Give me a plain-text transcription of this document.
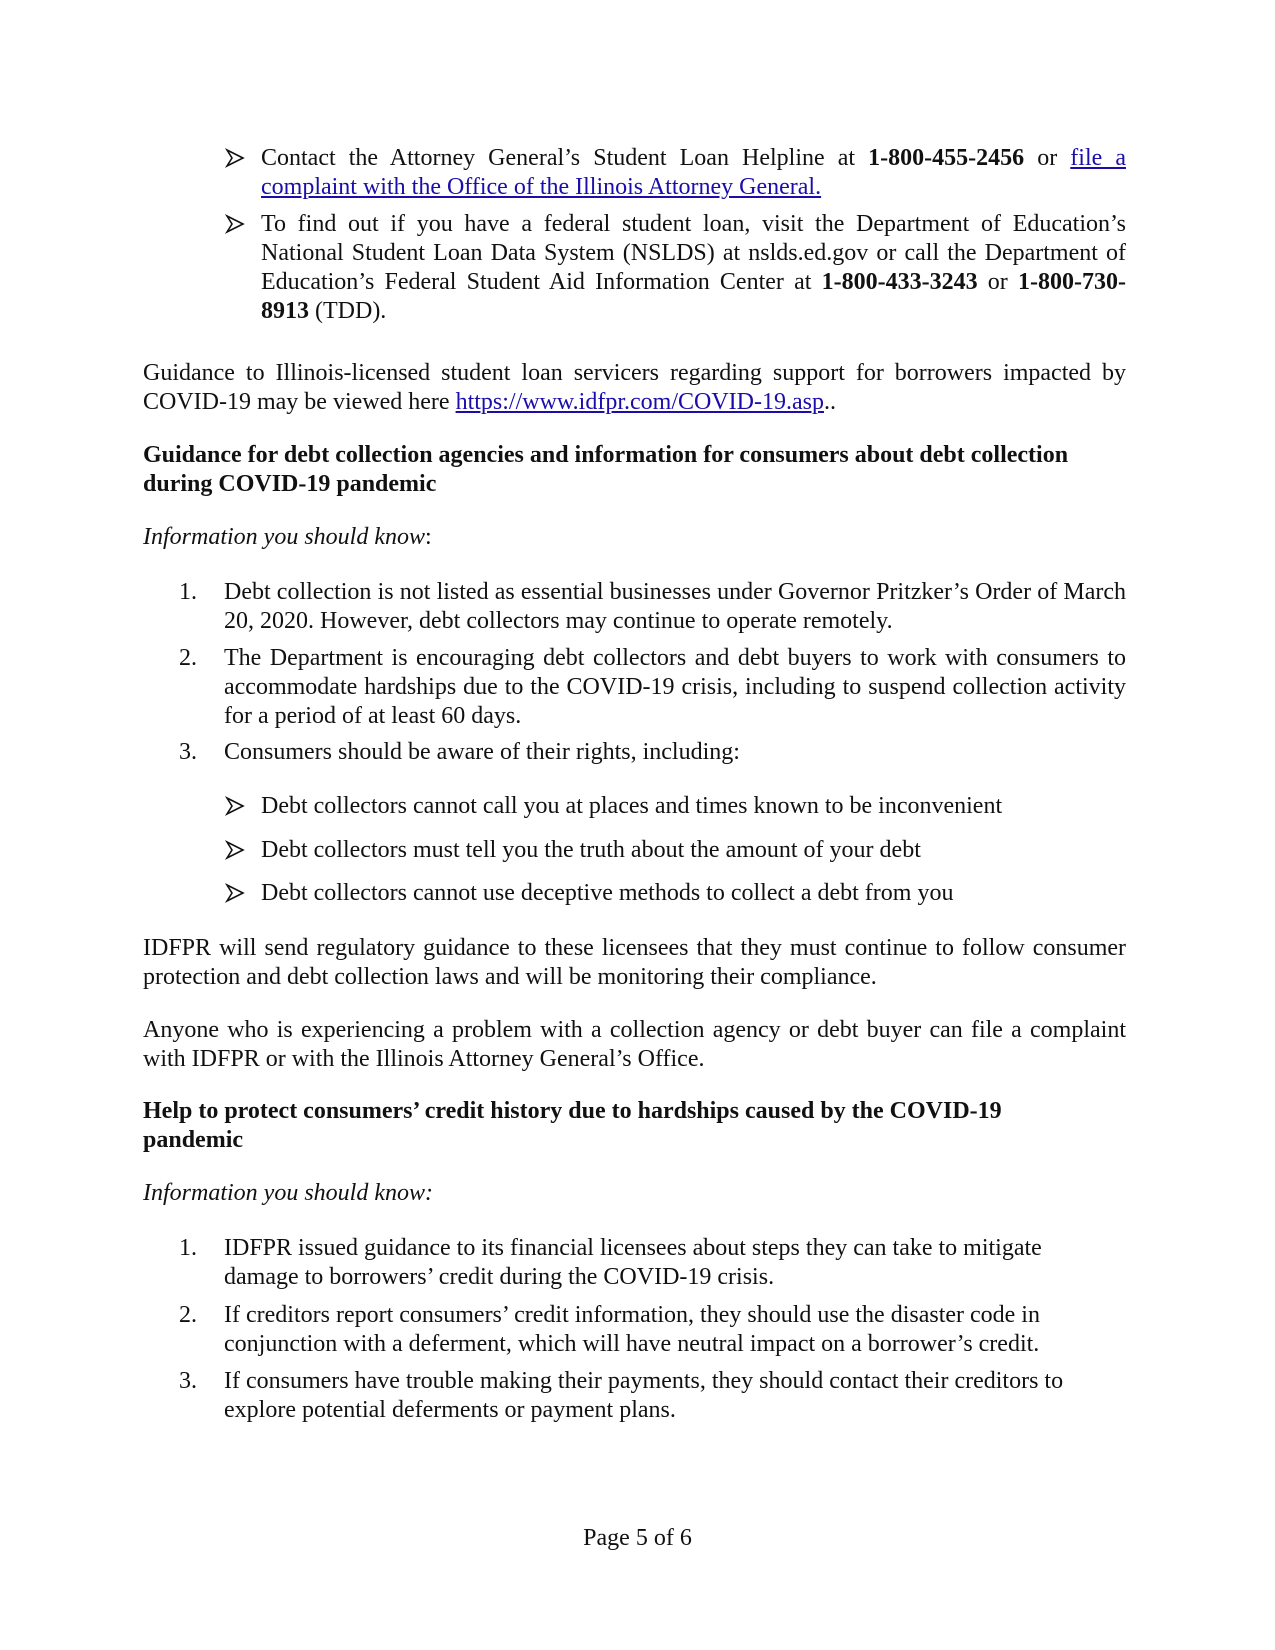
Contact the Attorney General’s Student Loan Helpline at 1-800-455-2456 or file a complaint with the Office of the Illinois Attorney General.
To find out if you have a federal student loan, visit the Department of Education’s National Student Loan Data System (NSLDS) at nslds.ed.gov or call the Department of Education’s Federal Student Aid Information Center at 1-800-433-3243 or 1-800-730-8913 (TDD).
Guidance to Illinois-licensed student loan servicers regarding support for borrowers impacted by COVID-19 may be viewed here https://www.idfpr.com/COVID-19.asp..
Guidance for debt collection agencies and information for consumers about debt collection during COVID-19 pandemic
Information you should know:
1.	Debt collection is not listed as essential businesses under Governor Pritzker’s Order of March 20, 2020. However, debt collectors may continue to operate remotely.
2.	The Department is encouraging debt collectors and debt buyers to work with consumers to accommodate hardships due to the COVID-19 crisis, including to suspend collection activity for a period of at least 60 days.
3.	Consumers should be aware of their rights, including:
Debt collectors cannot call you at places and times known to be inconvenient
Debt collectors must tell you the truth about the amount of your debt
Debt collectors cannot use deceptive methods to collect a debt from you
IDFPR will send regulatory guidance to these licensees that they must continue to follow consumer protection and debt collection laws and will be monitoring their compliance.
Anyone who is experiencing a problem with a collection agency or debt buyer can file a complaint with IDFPR or with the Illinois Attorney General’s Office.
Help to protect consumers’ credit history due to hardships caused by the COVID-19 pandemic
Information you should know:
1.	IDFPR issued guidance to its financial licensees about steps they can take to mitigate damage to borrowers’ credit during the COVID-19 crisis.
2.	If creditors report consumers’ credit information, they should use the disaster code in conjunction with a deferment, which will have neutral impact on a borrower’s credit.
3.	If consumers have trouble making their payments, they should contact their creditors to explore potential deferments or payment plans.
Page 5 of 6
